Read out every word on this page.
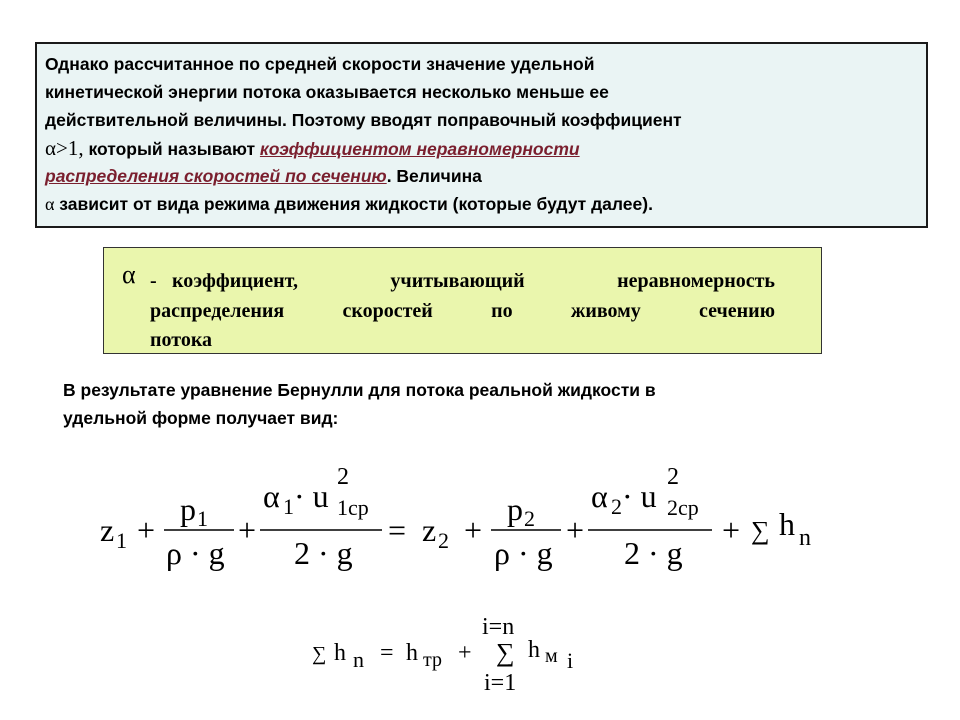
Однако рассчитанное по средней скорости значение удельной
кинетической энергии потока оказывается несколько меньше ее
действительной величины. Поэтому вводят поправочный коэффициент
α>1, который называют коэффициентом неравномерности
распределения скоростей по сечению. Величина
α зависит от вида режима движения жидкости (которые будут далее).
α - коэффициент, учитывающий неравномерность
распределения скоростей по живому сечению
потока
В результате уравнение Бернулли для потока реальной жидкости в
удельной форме получает вид:
z 1 +
p 1
ρ · g
+
α 1 · u
2
1cp
2 · g
= z 2 +
p 2
ρ · g
+
α 2 · u
2
2cp
2 · g
+ ∑ h n
i=n
∑ h n = h тр + ∑ h м i
i=1
